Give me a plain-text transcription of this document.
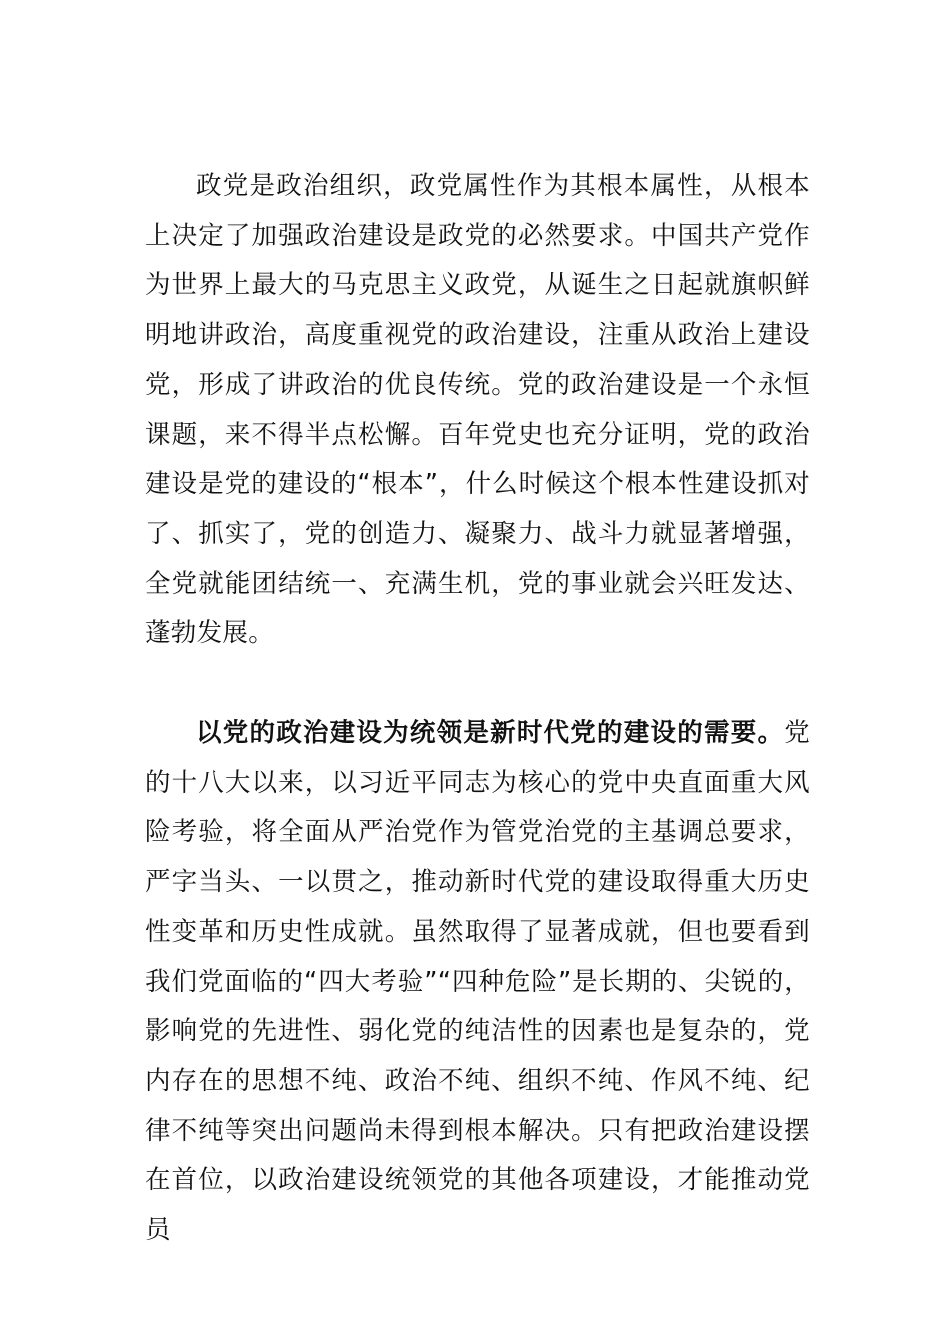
政党是政治组织，政党属性作为其根本属性，从根本上决定了加强政治建设是政党的必然要求。中国共产党作为世界上最大的马克思主义政党，从诞生之日起就旗帜鲜明地讲政治，高度重视党的政治建设，注重从政治上建设党，形成了讲政治的优良传统。党的政治建设是一个永恒课题，来不得半点松懈。百年党史也充分证明，党的政治建设是党的建设的“根本”，什么时候这个根本性建设抓对了、抓实了，党的创造力、凝聚力、战斗力就显著增强，全党就能团结统一、充满生机，党的事业就会兴旺发达、蓬勃发展。

以党的政治建设为统领是新时代党的建设的需要。党的十八大以来，以习近平同志为核心的党中央直面重大风险考验，将全面从严治党作为管党治党的主基调总要求，严字当头、一以贯之，推动新时代党的建设取得重大历史性变革和历史性成就。虽然取得了显著成就，但也要看到我们党面临的“四大考验”“四种危险”是长期的、尖锐的，影响党的先进性、弱化党的纯洁性的因素也是复杂的，党内存在的思想不纯、政治不纯、组织不纯、作风不纯、纪律不纯等突出问题尚未得到根本解决。只有把政治建设摆在首位，以政治建设统领党的其他各项建设，才能推动党员
